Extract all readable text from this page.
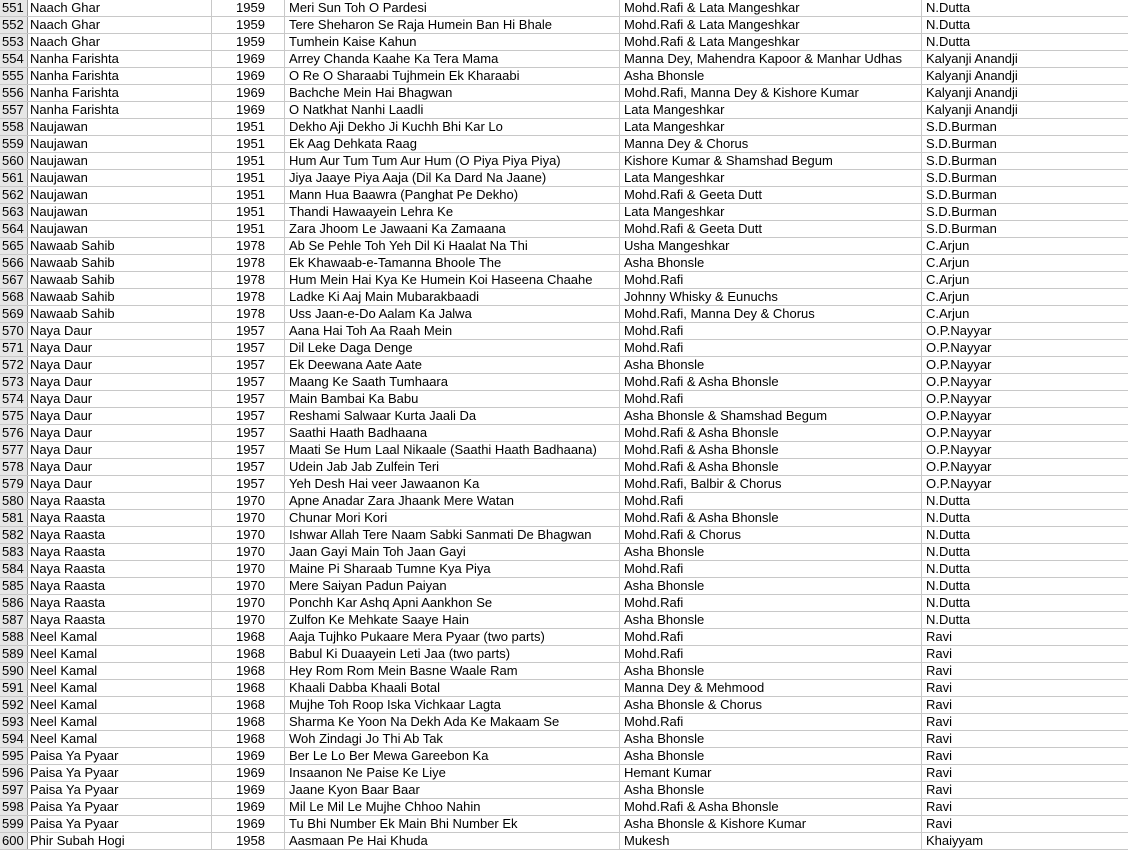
551 Naach Ghar	1959	Meri Sun Toh O Pardesi	Mohd.Rafi & Lata Mangeshkar	N.Dutta
552 Naach Ghar	1959	Tere Sheharon Se Raja Humein Ban Hi Bhale	Mohd.Rafi & Lata Mangeshkar	N.Dutta
553 Naach Ghar	1959	Tumhein Kaise Kahun	Mohd.Rafi & Lata Mangeshkar	N.Dutta
554 Nanha Farishta	1969	Arrey Chanda Kaahe Ka Tera Mama	Manna Dey, Mahendra Kapoor & Manhar Udhas	Kalyanji Anandji
555 Nanha Farishta	1969	O Re O Sharaabi Tujhmein Ek Kharaabi	Asha Bhonsle	Kalyanji Anandji
556 Nanha Farishta	1969	Bachche Mein Hai Bhagwan	Mohd.Rafi, Manna Dey & Kishore Kumar	Kalyanji Anandji
557 Nanha Farishta	1969	O Natkhat Nanhi Laadli	Lata Mangeshkar	Kalyanji Anandji
558 Naujawan	1951	Dekho Aji Dekho Ji Kuchh Bhi Kar Lo	Lata Mangeshkar	S.D.Burman
559 Naujawan	1951	Ek Aag Dehkata Raag	Manna Dey & Chorus	S.D.Burman
560 Naujawan	1951	Hum Aur Tum Tum Aur Hum (O Piya Piya Piya)	Kishore Kumar & Shamshad Begum	S.D.Burman
561 Naujawan	1951	Jiya Jaaye Piya Aaja (Dil Ka Dard Na Jaane)	Lata Mangeshkar	S.D.Burman
562 Naujawan	1951	Mann Hua Baawra (Panghat Pe Dekho)	Mohd.Rafi & Geeta Dutt	S.D.Burman
563 Naujawan	1951	Thandi Hawaayein Lehra Ke	Lata Mangeshkar	S.D.Burman
564 Naujawan	1951	Zara Jhoom Le Jawaani Ka Zamaana	Mohd.Rafi & Geeta Dutt	S.D.Burman
565 Nawaab Sahib	1978	Ab Se Pehle Toh Yeh Dil Ki Haalat Na Thi	Usha Mangeshkar	C.Arjun
566 Nawaab Sahib	1978	Ek Khawaab-e-Tamanna Bhoole The	Asha Bhonsle	C.Arjun
567 Nawaab Sahib	1978	Hum Mein Hai Kya Ke Humein Koi Haseena Chaahe	Mohd.Rafi	C.Arjun
568 Nawaab Sahib	1978	Ladke Ki Aaj Main Mubarakbaadi	Johnny Whisky & Eunuchs	C.Arjun
569 Nawaab Sahib	1978	Uss Jaan-e-Do Aalam Ka Jalwa	Mohd.Rafi, Manna Dey & Chorus	C.Arjun
570 Naya Daur	1957	Aana Hai Toh Aa Raah Mein	Mohd.Rafi	O.P.Nayyar
571 Naya Daur	1957	Dil Leke Daga Denge	Mohd.Rafi	O.P.Nayyar
572 Naya Daur	1957	Ek Deewana Aate Aate	Asha Bhonsle	O.P.Nayyar
573 Naya Daur	1957	Maang Ke Saath Tumhaara	Mohd.Rafi & Asha Bhonsle	O.P.Nayyar
574 Naya Daur	1957	Main Bambai Ka Babu	Mohd.Rafi	O.P.Nayyar
575 Naya Daur	1957	Reshami Salwaar Kurta Jaali Da	Asha Bhonsle & Shamshad Begum	O.P.Nayyar
576 Naya Daur	1957	Saathi Haath Badhaana	Mohd.Rafi & Asha Bhonsle	O.P.Nayyar
577 Naya Daur	1957	Maati Se Hum Laal Nikaale (Saathi Haath Badhaana)	Mohd.Rafi & Asha Bhonsle	O.P.Nayyar
578 Naya Daur	1957	Udein Jab Jab Zulfein Teri	Mohd.Rafi & Asha Bhonsle	O.P.Nayyar
579 Naya Daur	1957	Yeh Desh Hai veer Jawaanon Ka	Mohd.Rafi, Balbir & Chorus	O.P.Nayyar
580 Naya Raasta	1970	Apne Anadar Zara Jhaank Mere Watan	Mohd.Rafi	N.Dutta
581 Naya Raasta	1970	Chunar Mori Kori	Mohd.Rafi & Asha Bhonsle	N.Dutta
582 Naya Raasta	1970	Ishwar Allah Tere Naam Sabki Sanmati De Bhagwan	Mohd.Rafi & Chorus	N.Dutta
583 Naya Raasta	1970	Jaan Gayi Main Toh Jaan Gayi	Asha Bhonsle	N.Dutta
584 Naya Raasta	1970	Maine Pi Sharaab Tumne Kya Piya	Mohd.Rafi	N.Dutta
585 Naya Raasta	1970	Mere Saiyan Padun Paiyan	Asha Bhonsle	N.Dutta
586 Naya Raasta	1970	Ponchh Kar Ashq Apni Aankhon Se	Mohd.Rafi	N.Dutta
587 Naya Raasta	1970	Zulfon Ke Mehkate Saaye Hain	Asha Bhonsle	N.Dutta
588 Neel Kamal	1968	Aaja Tujhko Pukaare Mera Pyaar (two parts)	Mohd.Rafi	Ravi
589 Neel Kamal	1968	Babul Ki Duaayein Leti Jaa (two parts)	Mohd.Rafi	Ravi
590 Neel Kamal	1968	Hey Rom Rom Mein Basne Waale Ram	Asha Bhonsle	Ravi
591 Neel Kamal	1968	Khaali Dabba Khaali Botal	Manna Dey & Mehmood	Ravi
592 Neel Kamal	1968	Mujhe Toh Roop Iska Vichkaar Lagta	Asha Bhonsle & Chorus	Ravi
593 Neel Kamal	1968	Sharma Ke Yoon Na Dekh Ada Ke Makaam Se	Mohd.Rafi	Ravi
594 Neel Kamal	1968	Woh Zindagi Jo Thi Ab Tak	Asha Bhonsle	Ravi
595 Paisa Ya Pyaar	1969	Ber Le Lo Ber Mewa Gareebon Ka	Asha Bhonsle	Ravi
596 Paisa Ya Pyaar	1969	Insaanon Ne Paise Ke Liye	Hemant Kumar	Ravi
597 Paisa Ya Pyaar	1969	Jaane Kyon Baar Baar	Asha Bhonsle	Ravi
598 Paisa Ya Pyaar	1969	Mil Le Mil Le Mujhe Chhoo Nahin	Mohd.Rafi & Asha Bhonsle	Ravi
599 Paisa Ya Pyaar	1969	Tu Bhi Number Ek Main Bhi Number Ek	Asha Bhonsle & Kishore Kumar	Ravi
600 Phir Subah Hogi	1958	Aasmaan Pe Hai Khuda	Mukesh	Khaiyyam
